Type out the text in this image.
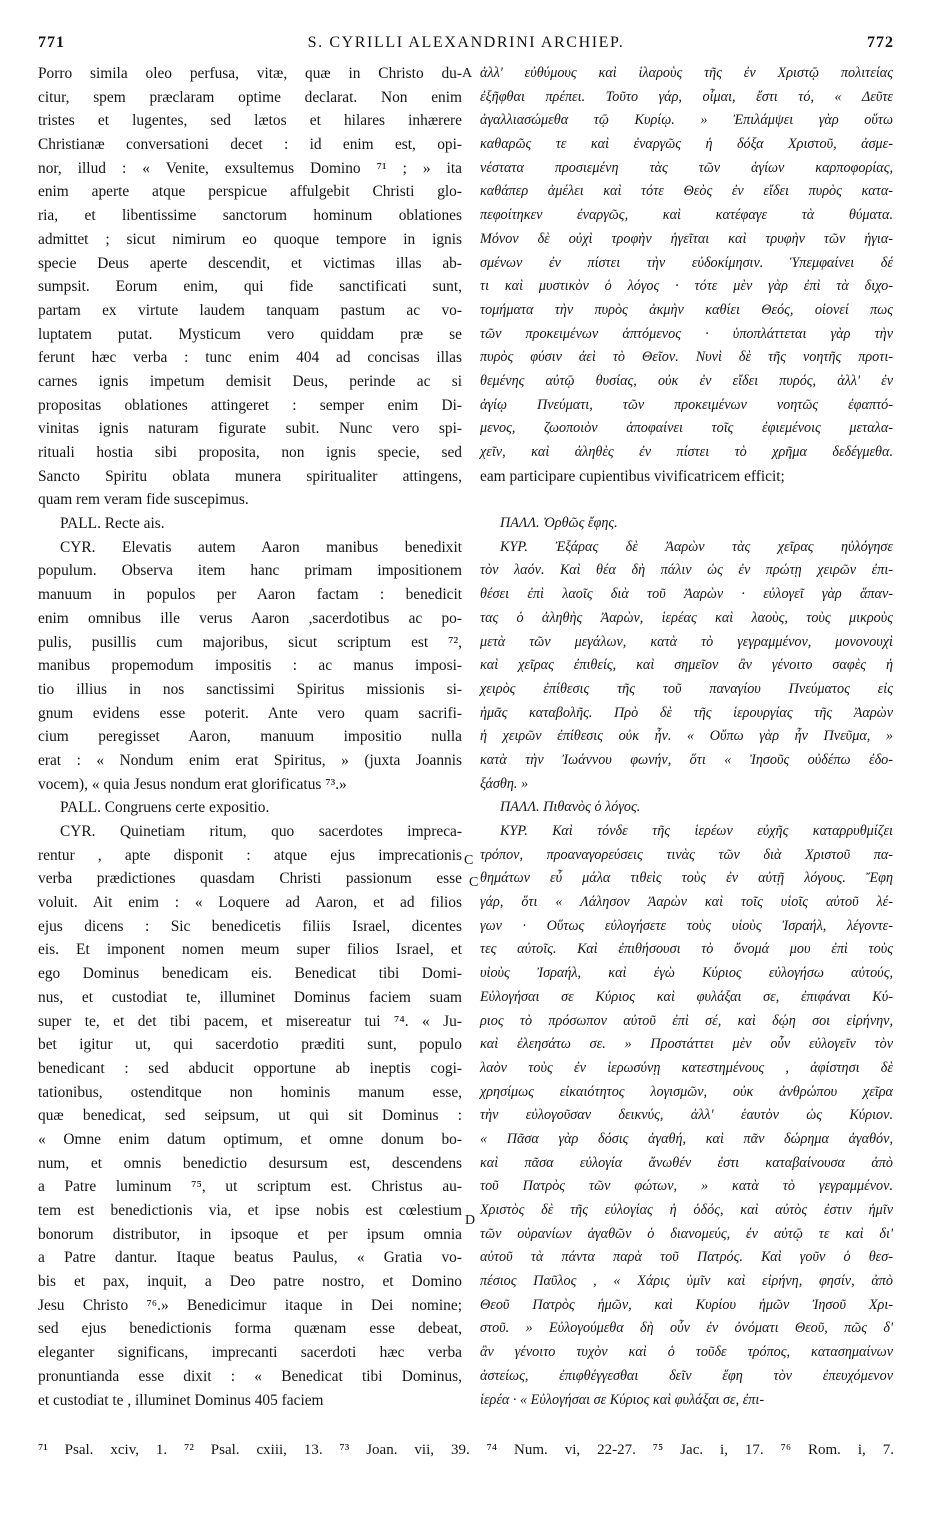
771	S. CYRILLI ALEXANDRINI ARCHIEP.	772
Porro simila oleo perfusa, vitæ, quæ in Christo du-
citur, spem præclaram optime declarat. Non enim
tristes et lugentes, sed lætos et hilares inhærere
Christianæ conversationi decet : id enim est, opi-
nor, illud : « Venite, exsultemus Domino ⁷¹ ; » ita
enim aperte atque perspicue affulgebit Christi glo-
ria, et libentissime sanctorum hominum oblationes
admittet ; sicut nimirum eo quoque tempore in ignis
specie Deus aperte descendit, et victimas illas ab-
sumpsit. Eorum enim, qui fide sanctificati sunt,
partam ex virtute laudem tanquam pastum ac vo-
luptatem putat. Mysticum vero quiddam præ se
ferunt hæc verba : tunc enim 404 ad concisas illas
carnes ignis impetum demisit Deus, perinde ac si
propositas oblationes attingeret : semper enim Di-
vinitas ignis naturam figurate subit. Nunc vero spi-
rituali hostia sibi proposita, non ignis specie, sed
Sancto Spiritu oblata munera spiritualiter attingens,
quam rem veram fide suscepimus.
PALL. Recte ais.
CYR. Elevatis autem Aaron manibus benedixit
populum. Observa item hanc primam impositionem
manuum in populos per Aaron factam : benedicit
enim omnibus ille verus Aaron ,sacerdotibus ac po-
pulis, pusillis cum majoribus, sicut scriptum est ⁷²,
manibus propemodum impositis : ac manus imposi-
tio illius in nos sanctissimi Spiritus missionis si-
gnum evidens esse poterit. Ante vero quam sacrifi-
cium peregisset Aaron, manuum impositio nulla
erat : « Nondum enim erat Spiritus, » (juxta Joannis
vocem), « quia Jesus nondum erat glorificatus ⁷³.»
PALL. Congruens certe expositio.
CYR. Quinetiam ritum, quo sacerdotes impreca-
rentur , apte disponit : atque ejus imprecationis
verba prædictiones quasdam Christi passionum esse
voluit. Ait enim : « Loquere ad Aaron, et ad filios
ejus dicens : Sic benedicetis filiis Israel, dicentes
eis. Et imponent nomen meum super filios Israel, et
ego Dominus benedicam eis. Benedicat tibi Domi-
nus, et custodiat te, illuminet Dominus faciem suam
super te, et det tibi pacem, et misereatur tui ⁷⁴. « Ju-
bet igitur ut, qui sacerdotio præditi sunt, populo
benedicant : sed abducit opportune ab ineptis cogi-
tationibus, ostenditque non hominis manum esse,
quæ benedicat, sed seipsum, ut qui sit Dominus :
« Omne enim datum optimum, et omne donum bo-
num, et omnis benedictio desursum est, descendens
a Patre luminum ⁷⁵, ut scriptum est. Christus au-
tem est benedictionis via, et ipse nobis est cœlestium
bonorum distributor, in ipsoque et per ipsum omnia
a Patre dantur. Itaque beatus Paulus, « Gratia vo-
bis et pax, inquit, a Deo patre nostro, et Domino
Jesu Christo ⁷⁶.» Benedicimur itaque in Dei nomine;
sed ejus benedictionis forma quænam esse debeat,
eleganter significans, imprecanti sacerdoti hæc verba
pronuntianda esse dixit : « Benedicat tibi Dominus,
et custodiat te , illuminet Dominus 405 faciem
ἀλλ' εὐθύμους καὶ ἱλαροὺς τῆς ἐν Χριστῷ πολιτείας
ἐξῆφθαι πρέπει. Τοῦτο γάρ, οἶμαι, ἔστι τό, « Δεῦτε
ἀγαλλιασώμεθα τῷ Κυρίῳ. » Ἐπιλάμψει γὰρ οὕτω
καθαρῶς τε καὶ ἐναργῶς ἡ δόξα Χριστοῦ, ἀσμε-
νέστατα προσιεμένη τὰς τῶν ἁγίων καρποφορίας,
καθάπερ ἀμέλει καὶ τότε Θεὸς ἐν εἴδει πυρὸς κατα-
πεφοίτηκεν ἐναργῶς, καὶ κατέφαγε τὰ θύματα.
Μόνον δὲ οὐχὶ τροφὴν ἡγεῖται καὶ τρυφὴν τῶν ἡγια-
σμένων ἐν πίστει τὴν εὐδοκίμησιν. Ὑπεμφαίνει δέ
τι καὶ μυστικὸν ὁ λόγος · τότε μὲν γὰρ ἐπὶ τὰ διχο-
τομήματα τὴν πυρὸς ἀκμὴν καθίει Θεός, οἱονεί πως
τῶν προκειμένων ἁπτόμενος · ὑποπλάττεται γὰρ τὴν
πυρὸς φύσιν ἀεὶ τὸ Θεῖον. Νυνὶ δὲ τῆς νοητῆς προτι-
θεμένης αὐτῷ θυσίας, οὐκ ἐν εἴδει πυρός, ἀλλ' ἐν
ἁγίῳ Πνεύματι, τῶν προκειμένων νοητῶς ἐφαπτό-
μενος, ζωοποιὸν ἀποφαίνει τοῖς ἐφιεμένοις μεταλα-
χεῖν, καὶ ἀληθὲς ἐν πίστει τὸ χρῆμα δεδέγμεθα.
eam participare cupientibus vivificatricem efficit;
ΠΑΛΛ. Ὀρθῶς ἔφης.
ΚΥΡ. Ἐξάρας δὲ Ἀαρὼν τὰς χεῖρας ηὐλόγησε
τὸν λαόν. Καὶ θέα δὴ πάλιν ὡς ἐν πρώτῃ χειρῶν ἐπι-
θέσει ἐπὶ λαοῖς διὰ τοῦ Ἀαρὼν · εὐλογεῖ γὰρ ἅπαν-
τας ὁ ἀληθὴς Ἀαρὼν, ἱερέας καὶ λαοὺς, τοὺς μικροὺς
μετὰ τῶν μεγάλων, κατὰ τὸ γεγραμμένον, μονονουχὶ
καὶ χεῖρας ἐπιθείς, καὶ σημεῖον ἂν γένοιτο σαφὲς ἡ
χειρὸς ἐπίθεσις τῆς τοῦ παναγίου Πνεύματος εἰς
ἡμᾶς καταβολῆς. Πρὸ δὲ τῆς ἱερουργίας τῆς Ἀαρὼν
ἡ χειρῶν ἐπίθεσις οὐκ ἦν. « Οὔπω γὰρ ἦν Πνεῦμα, »
κατὰ τὴν Ἰωάννου φωνήν, ὅτι « Ἰησοῦς οὐδέπω ἐδο-
ξάσθη. »
ΠΑΛΛ. Πιθανὸς ὁ λόγος.
ΚΥΡ. Καὶ τόνδε τῆς ἱερέων εὐχῆς καταρρυθμίζει
τρόπον, προαναγορεύσεις τινὰς τῶν διὰ Χριστοῦ πα-
θημάτων εὖ μάλα τιθεὶς τοὺς ἐν αὐτῇ λόγους. Ἔφη
γάρ, ὅτι « Λάλησον Ἀαρὼν καὶ τοῖς υἱοῖς αὐτοῦ λέ-
γων · Οὕτως εὐλογήσετε τοὺς υἱοὺς Ἰσραήλ, λέγοντε-
τες αὐτοῖς. Καὶ ἐπιθήσουσι τὸ ὄνομά μου ἐπὶ τοὺς
υἱοὺς Ἰσραήλ, καὶ ἐγὼ Κύριος εὐλογήσω αὐτούς,
Εὐλογήσαι σε Κύριος καὶ φυλάξαι σε, ἐπιφάναι Κύ-
ριος τὸ πρόσωπον αὐτοῦ ἐπὶ σέ, καὶ δῴη σοι εἰρήνην,
καὶ ἐλεησάτω σε. » Προστάττει μὲν οὖν εὐλογεῖν τὸν
λαὸν τοὺς ἐν ἱερωσύνῃ κατεστημένους , ἀφίστησι δὲ
χρησίμως εἰκαιότητος λογισμῶν, οὐκ ἀνθρώπου χεῖρα
τὴν εὐλογοῦσαν δεικνύς, ἀλλ' ἑαυτὸν ὡς Κύριον.
« Πᾶσα γὰρ δόσις ἀγαθή, καὶ πᾶν δώρημα ἀγαθόν,
καὶ πᾶσα εὐλογία ἄνωθέν ἐστι καταβαίνουσα ἀπὸ
τοῦ Πατρὸς τῶν φώτων, » κατὰ τὸ γεγραμμένον.
Χριστὸς δὲ τῆς εὐλογίας ἡ ὁδός, καὶ αὐτὸς ἐστιν ἡμῖν
τῶν οὐρανίων ἀγαθῶν ὁ διανομεύς, ἐν αὐτῷ τε καὶ δι'
αὐτοῦ τὰ πάντα παρὰ τοῦ Πατρός. Καὶ γοῦν ὁ θεσ-
πέσιος Παῦλος , « Χάρις ὑμῖν καὶ εἰρήνη, φησίν, ἀπὸ
Θεοῦ Πατρὸς ἡμῶν, καὶ Κυρίου ἡμῶν Ἰησοῦ Χρι-
στοῦ. » Εὐλογούμεθα δὴ οὖν ἐν ὀνόματι Θεοῦ, πῶς δ'
ἂν γένοιτο τυχὸν καὶ ὁ τοῦδε τρόπος, κατασημαίνων
ἀστείως, ἐπιφθέγγεσθαι δεῖν ἔφη τὸν ἐπευχόμενον
ἱερέα · « Εὐλογήσαι σε Κύριος καὶ φυλάξαι σε, ἐπι-
A
C
C
D
⁷¹ Psal. xciv, 1. ⁷² Psal. cxiii, 13. ⁷³ Joan. vii, 39. ⁷⁴ Num. vi, 22-27. ⁷⁵ Jac. i, 17. ⁷⁶ Rom. i, 7.
